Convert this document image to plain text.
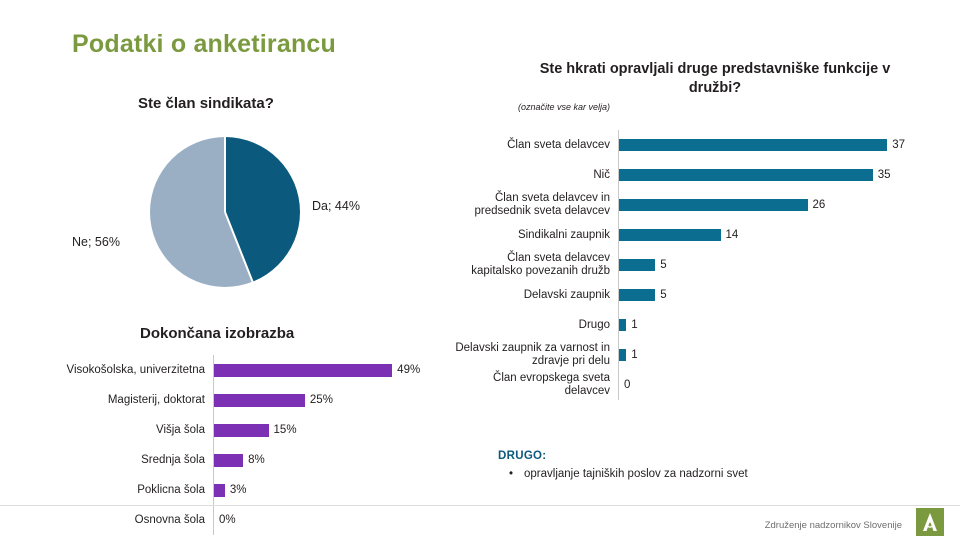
Podatki o anketirancu
Ste član sindikata?
Da; 44%
Ne; 56%
Dokončana izobrazba
Visokošolska, univerzitetna	49%
Magisterij, doktorat	25%
Višja šola	15%
Srednja šola	8%
Poklicna šola	3%
Osnovna šola	0%
Ste hkrati opravljali druge predstavniške funkcije v družbi?
(označite vse kar velja)
Član sveta delavcev	37
Nič	35
Član sveta delavcev in predsednik sveta delavcev	26
Sindikalni zaupnik	14
Član sveta delavcev kapitalsko povezanih družb	5
Delavski zaupnik	5
Drugo	1
Delavski zaupnik za varnost in zdravje pri delu	1
Član evropskega sveta delavcev	0
DRUGO:
• opravljanje tajniških poslov za nadzorni svet
Združenje nadzornikov Slovenije
